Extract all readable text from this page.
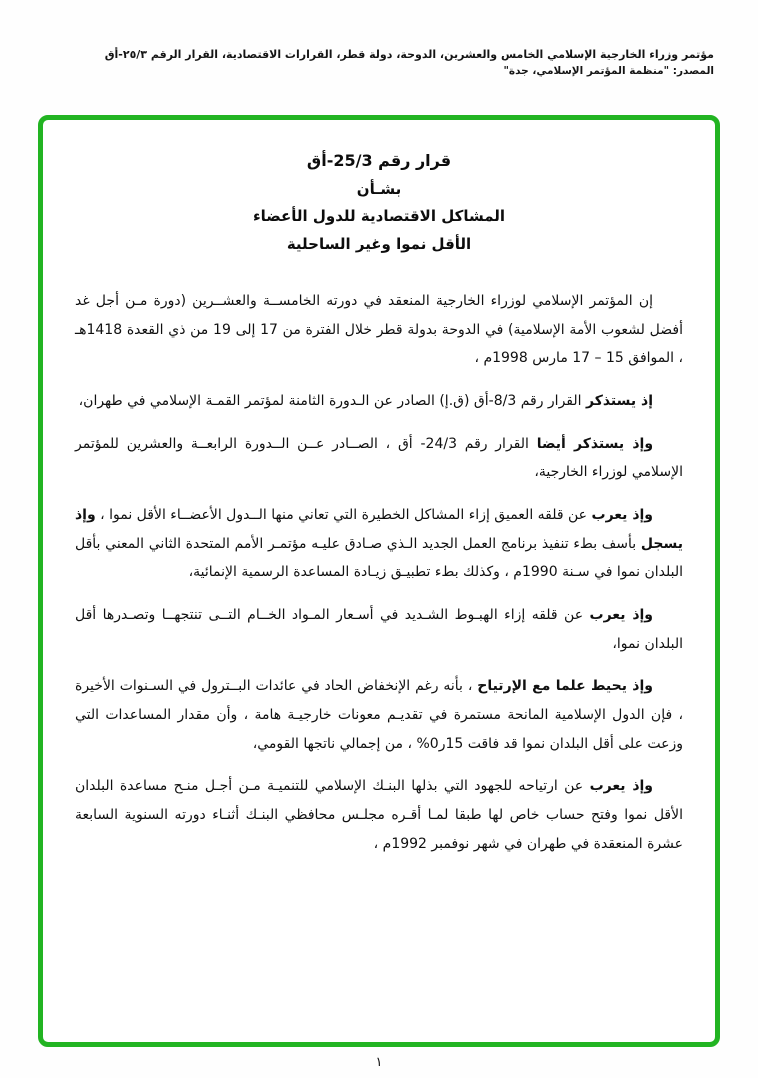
مؤتمر وزراء الخارجية الإسلامي الخامس والعشرين، الدوحة، دولة قطر، القرارات الاقتصادية، القرار الرقم ٢٥/٣-أق
المصدر: "منظمة المؤتمر الإسلامي، جدة"
قرار رقم 25/3-أق
بشـأن
المشاكل الاقتصادية للدول الأعضاء
الأقل نموا وغير الساحلية

إن المؤتمر الإسلامي لوزراء الخارجية المنعقد في دورته الخامســة والعشــرين (دورة مـن أجل غد أفضل لشعوب الأمة الإسلامية) في الدوحة بدولة قطر خلال الفترة من 17 إلى 19 من ذي القعدة 1418هـ ، الموافق 15 – 17 مارس 1998م ،

إذ يستذكر القرار رقم 8/3-أق (ق.إ) الصادر عن الـدورة الثامنة لمؤتمر القمـة الإسلامي في طهران،

وإذ يستذكر أيضا القرار رقم 24/3- أق ، الصــادر عــن الــدورة الرابعــة والعشرين للمؤتمر الإسلامي لوزراء الخارجية،

وإذ يعرب عن قلقه العميق إزاء المشاكل الخطيرة التي تعاني منها الــدول الأعضــاء الأقل نموا ، وإذ يسجل بأسف بطء تنفيذ برنامج العمل الجديد الـذي صـادق عليـه مؤتمـر الأمم المتحدة الثاني المعني بأقل البلدان نموا في سـنة 1990م ، وكذلك بطء تطبيـق زيـادة المساعدة الرسمية الإنمائية،

وإذ يعرب عن قلقه إزاء الهبـوط الشـديد في أسـعار المـواد الخــام التــى تنتجهــا وتصـدرها أقل البلدان نموا،

وإذ يحيط علما مع الإرتياح ، بأنه رغم الإنخفاض الحاد في عائدات البــترول في السـنوات الأخيرة ، فإن الدول الإسلامية المانحة مستمرة في تقديـم معونات خارجيـة هامة ، وأن مقدار المساعدات التي وزعت على أقل البلدان نموا قد فاقت 15ر0% ، من إجمالي ناتجها القومي،

وإذ يعرب عن ارتياحه للجهود التي بذلها البنـك الإسلامي للتنميـة مـن أجـل منـح مساعدة البلدان الأقل نموا وفتح حساب خاص لها طبقا لمـا أقـره مجلـس محافظي البنـك أثنـاء دورته السنوية السابعة عشرة المنعقدة في طهران في شهر نوفمبر 1992م ،

١
